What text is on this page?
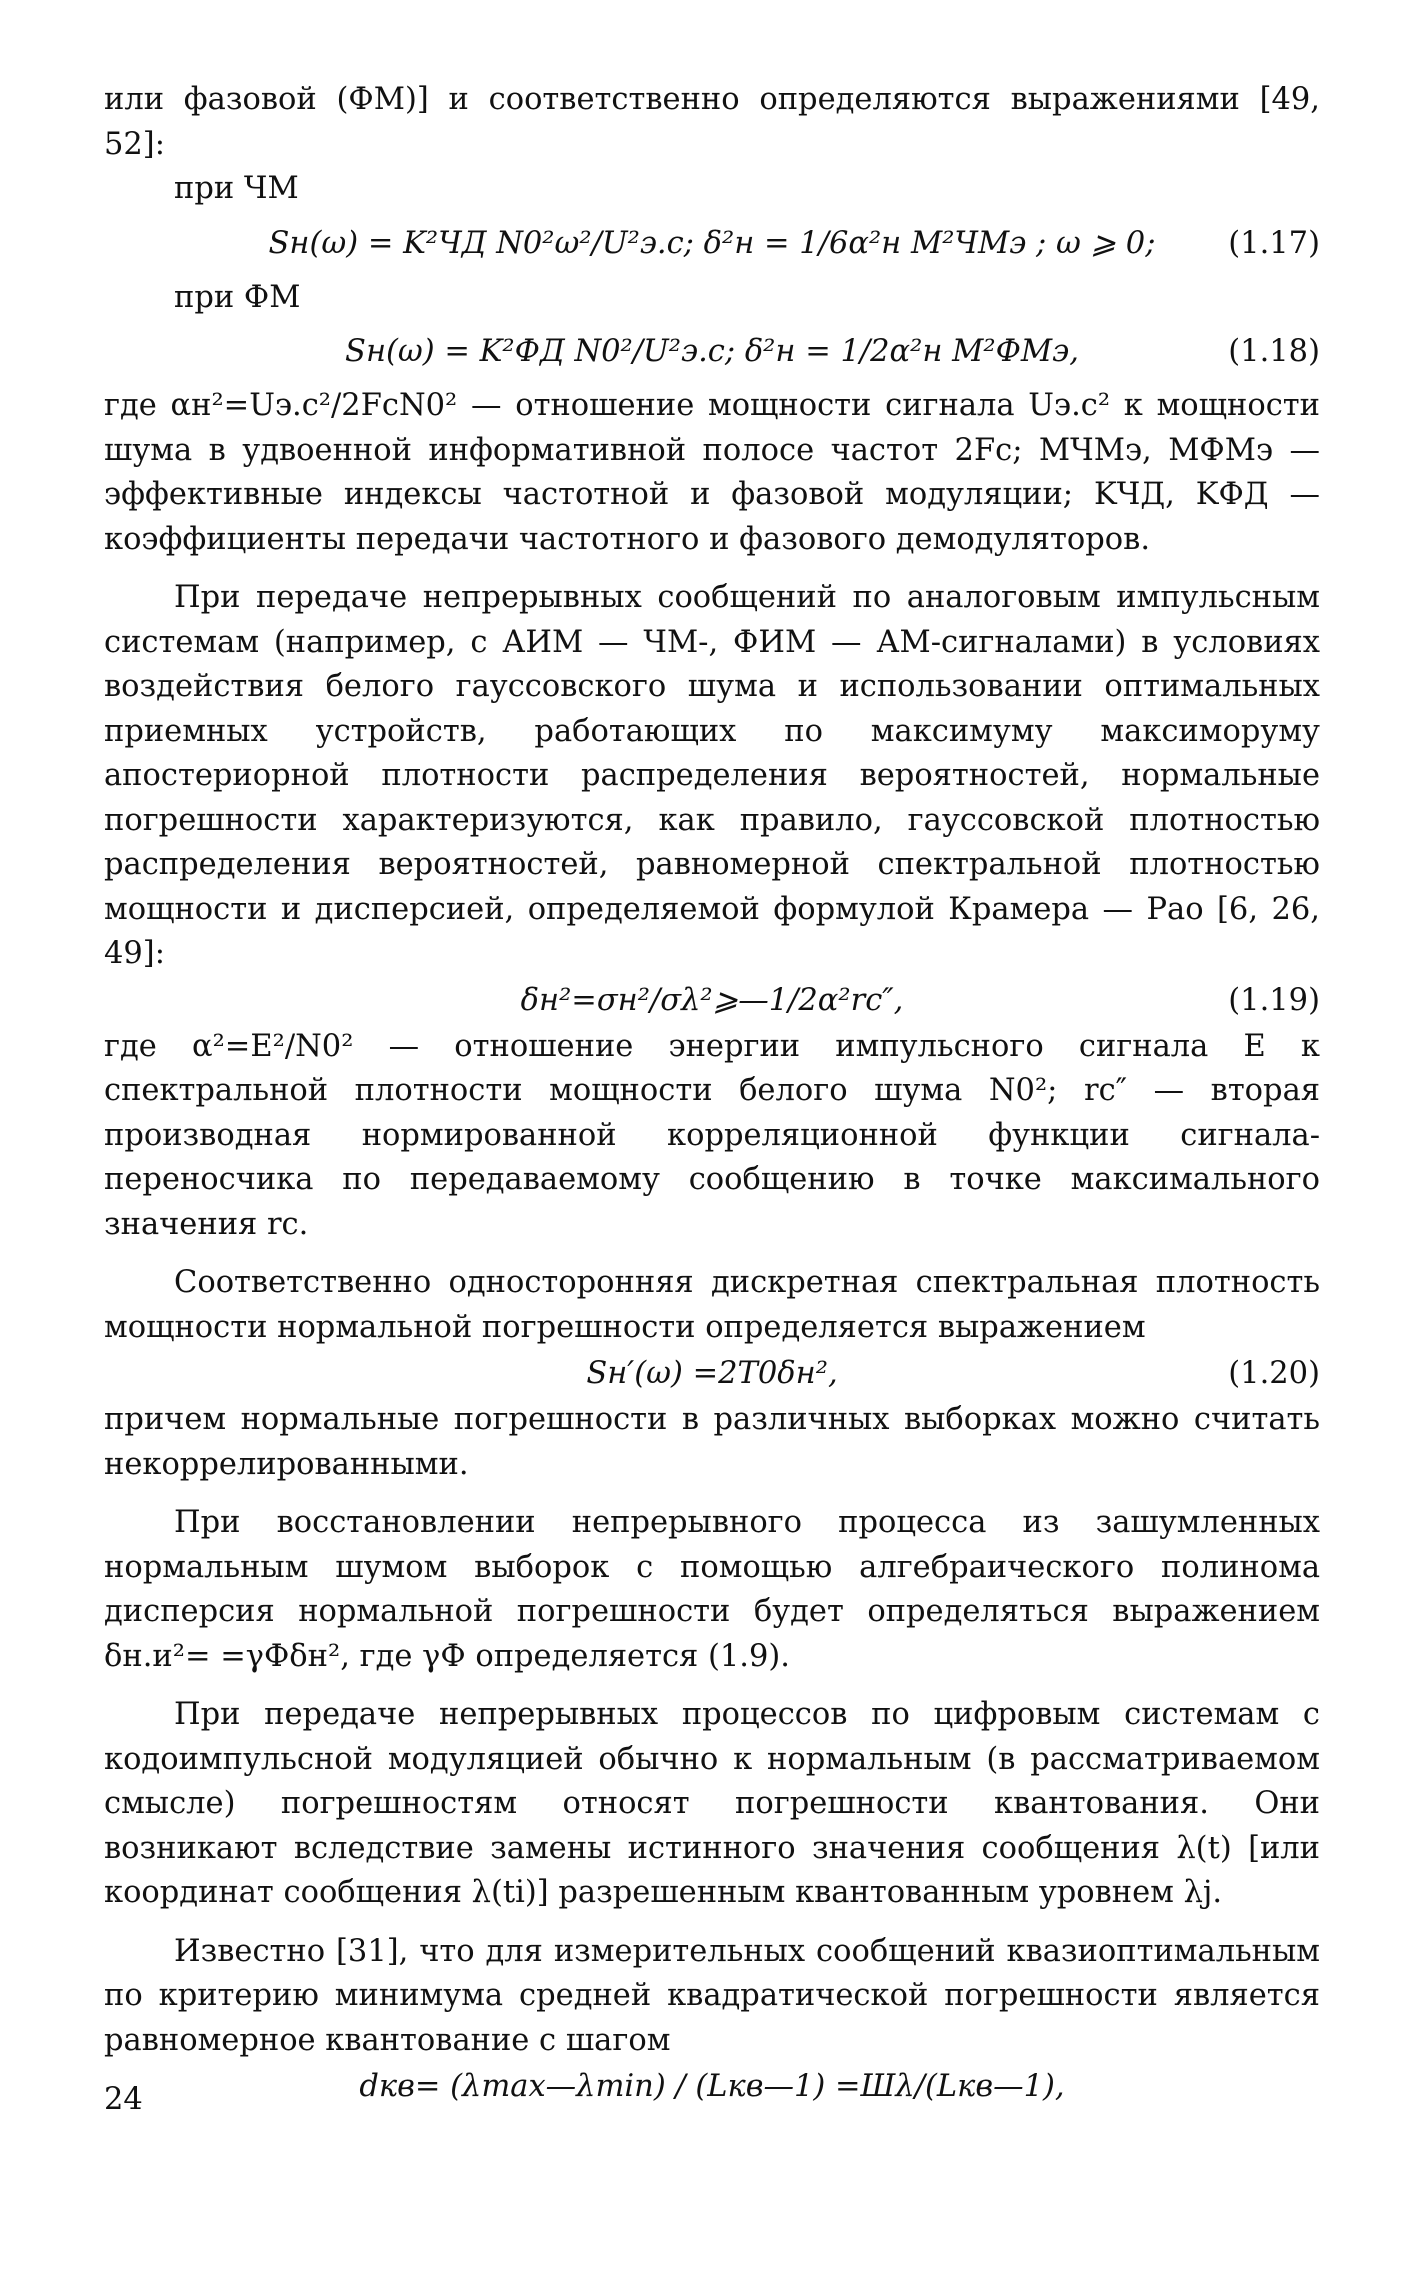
или фазовой (ФМ)] и соответственно определяются выражениями [49, 52]:

при ЧМ

Sн(ω) = K²ЧД N0²ω²/U²э.с; δ²н = 1/6α²н M²ЧМэ ; ω ⩾ 0;	(1.17)

при ФМ

Sн(ω) = K²ФД N0²/U²э.с; δ²н = 1/2α²н M²ФМэ,	(1.18)

где αн²=Uэ.с²/2FcN0² — отношение мощности сигнала Uэ.с² к мощности шума в удвоенной информативной полосе частот 2Fc; MЧМэ, MФМэ — эффективные индексы частотной и фазовой модуляции; KЧД, KФД — коэффициенты передачи частотного и фазового демодуляторов.

При передаче непрерывных сообщений по аналоговым импульсным системам (например, с АИМ — ЧМ-, ФИМ — АМ-сигналами) в условиях воздействия белого гауссовского шума и использовании оптимальных приемных устройств, работающих по максимуму максиморуму апостериорной плотности распределения вероятностей, нормальные погрешности характеризуются, как правило, гауссовской плотностью распределения вероятностей, равномерной спектральной плотностью мощности и дисперсией, определяемой формулой Крамера — Рао [6, 26, 49]:

δн²=σн²/σλ²⩾—1/2α²rc″,	(1.19)

где α²=E²/N0² — отношение энергии импульсного сигнала E к спектральной плотности мощности белого шума N0²; rc″ — вторая производная нормированной корреляционной функции сигнала-переносчика по передаваемому сообщению в точке максимального значения rc.

Соответственно односторонняя дискретная спектральная плотность мощности нормальной погрешности определяется выражением

Sн′(ω) =2T0δн²,	(1.20)

причем нормальные погрешности в различных выборках можно считать некоррелированными.

При восстановлении непрерывного процесса из зашумленных нормальным шумом выборок с помощью алгебраического полинома дисперсия нормальной погрешности будет определяться выражением δн.и²= =γФδн², где γФ определяется (1.9).

При передаче непрерывных процессов по цифровым системам с кодоимпульсной модуляцией обычно к нормальным (в рассматриваемом смысле) погрешностям относят погрешности квантования. Они возникают вследствие замены истинного значения сообщения λ(t) [или координат сообщения λ(ti)] разрешенным квантованным уровнем λj.

Известно [31], что для измерительных сообщений квазиоптимальным по критерию минимума средней квадратической погрешности является равномерное квантование с шагом

dкв= (λmax—λmin) / (Lкв—1) =Шλ/(Lкв—1),
24
